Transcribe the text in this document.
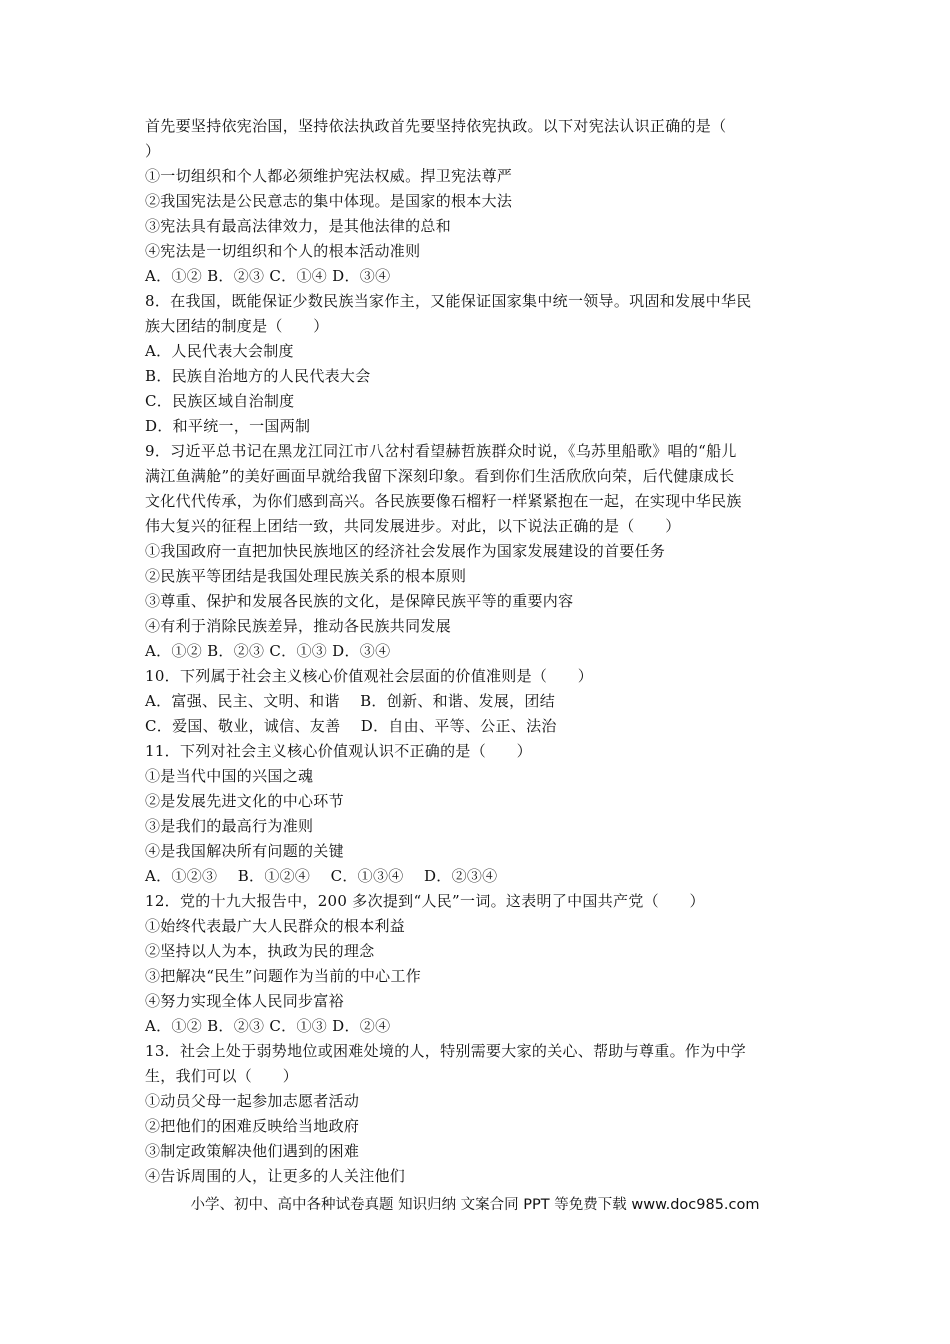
首先要坚持依宪治国，坚持依法执政首先要坚持依宪执政。以下对宪法认识正确的是（
）
①一切组织和个人都必须维护宪法权威。捍卫宪法尊严
②我国宪法是公民意志的集中体现。是国家的根本大法
③宪法具有最高法律效力，是其他法律的总和
④宪法是一切组织和个人的根本活动准则
A．①② B．②③ C．①④ D．③④
8．在我国，既能保证少数民族当家作主，又能保证国家集中统一领导。巩固和发展中华民
族大团结的制度是（　　）
A．人民代表大会制度
B．民族自治地方的人民代表大会
C．民族区域自治制度
D．和平统一，一国两制
9．习近平总书记在黑龙江同江市八岔村看望赫哲族群众时说，《乌苏里船歌》唱的“船儿
满江鱼满舱”的美好画面早就给我留下深刻印象。看到你们生活欣欣向荣，后代健康成长
文化代代传承，为你们感到高兴。各民族要像石榴籽一样紧紧抱在一起，在实现中华民族
伟大复兴的征程上团结一致，共同发展进步。对此，以下说法正确的是（　　）
①我国政府一直把加快民族地区的经济社会发展作为国家发展建设的首要任务
②民族平等团结是我国处理民族关系的根本原则
③尊重、保护和发展各民族的文化，是保障民族平等的重要内容
④有利于消除民族差异，推动各民族共同发展
A．①② B．②③ C．①③ D．③④
10．下列属于社会主义核心价值观社会层面的价值准则是（　　）
A．富强、民主、文明、和谐　 B．创新、和谐、发展，团结
C．爱国、敬业，诚信、友善　 D．自由、平等、公正、法治
11．下列对社会主义核心价值观认识不正确的是（　　）
①是当代中国的兴国之魂
②是发展先进文化的中心环节
③是我们的最高行为准则
④是我国解决所有问题的关键
A．①②③　 B．①②④　 C．①③④　 D．②③④
12．党的十九大报告中，200 多次提到“人民”一词。这表明了中国共产党（　　）
①始终代表最广大人民群众的根本利益
②坚持以人为本，执政为民的理念
③把解决“民生”问题作为当前的中心工作
④努力实现全体人民同步富裕
A．①② B．②③ C．①③ D．②④
13．社会上处于弱势地位或困难处境的人，特别需要大家的关心、帮助与尊重。作为中学
生，我们可以（　　）
①动员父母一起参加志愿者活动
②把他们的困难反映给当地政府
③制定政策解决他们遇到的困难
④告诉周围的人，让更多的人关注他们
小学、初中、高中各种试卷真题 知识归纳 文案合同 PPT 等免费下载 www.doc985.com
